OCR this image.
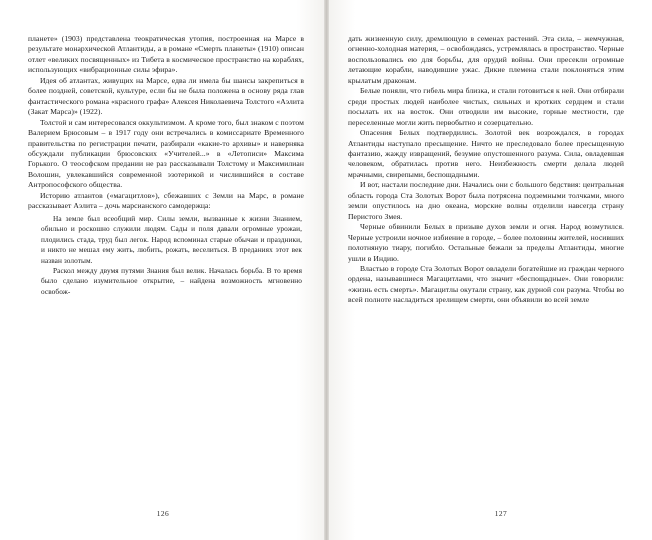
планете» (1903) представлена теократическая утопия, построенная на Марсе в результате монархической Атлантиды, а в романе «Смерть планеты» (1910) описан отлет «великих посвященных» из Тибета в космическое пространство на кораблях, использующих «вибрационные силы эфира».

Идея об атлантах, живущих на Марсе, едва ли имела бы шансы закрепиться в более поздней, советской, культуре, если бы не была положена в основу ряда глав фантастического романа «красного графа» Алексея Николаевича Толстого «Аэлита (Закат Марса)» (1922).

Толстой и сам интересовался оккультизмом. А кроме того, был знаком с поэтом Валерием Брюсовым – в 1917 году они встречались в комиссариате Временного правительства по регистрации печати, разбирали «какие-то архивы» и наверняка обсуждали публикации брюсовских «Учителей...» в «Летописи» Максима Горького. О теософском предании не раз рассказывали Толстому и Максимилиан Волошин, увлекавшийся современной эзотерикой и числившийся в составе Антропософского общества.

Историю атлантов («магацитлов»), сбежавших с Земли на Марс, в романе рассказывает Аэлита – дочь марсианского самодержца:

На земле был всеобщий мир. Силы земли, вызванные к жизни Знанием, обильно и роскошно служили людям. Сады и поля давали огромные урожаи, плодились стада, труд был легок. Народ вспоминал старые обычаи и праздники, и никто не мешал ему жить, любить, рожать, веселиться. В преданиях этот век назван золотым.

Раскол между двумя путями Знания был велик. Началась борьба. В то время было сделано изумительное открытие, – найдена возможность мгновенно освобож-

126

дать жизненную силу, дремлющую в семенах растений. Эта сила, – жемчужная, огненно-холодная материя, – освобождаясь, устремлялась в пространство. Черные воспользовались ею для борьбы, для орудий войны. Они пресекли огромные летающие корабли, наводившие ужас. Дикие племена стали поклоняться этим крылатым драконам.

Белые поняли, что гибель мира близка, и стали готовиться к ней. Они отбирали среди простых людей наиболее чистых, сильных и кротких сердцем и стали посылать их на восток. Они отводили им высокие, горные местности, где переселенные могли жить первобытно и созерцательно.

Опасения Белых подтвердились. Золотой век возрождался, в городах Атлантиды наступало пресыщение. Ничто не преследовало более пресыщенную фантазию, жажду извращений, безумие опустошенного разума. Сила, овладевшая человеком, обратилась против него. Неизбежность смерти делала людей мрачными, свирепыми, беспощадными.

И вот, настали последние дни. Начались они с большого бедствия: центральная область города Ста Золотых Ворот была потрясена подземными толчками, много земли опустилось на дно океана, морские волны отделили навсегда страну Перистого Змея.

Черные обвинили Белых в призыве духов земли и огня. Народ возмутился. Черные устроили ночное избиение в городе, – более половины жителей, носивших полотняную тиару, погибло. Остальные бежали за пределы Атлантиды, многие ушли в Индию.

Властью в городе Ста Золотых Ворот овладели богатейшие из граждан черного ордена, называвшиеся Магацитлами, что значит «беспощадные». Они говорили: «жизнь есть смерть». Магацитлы окутали страну, как дурной сон разума. Чтобы во всей полноте насладиться зрелищем смерти, они объявили во всей земле

127
